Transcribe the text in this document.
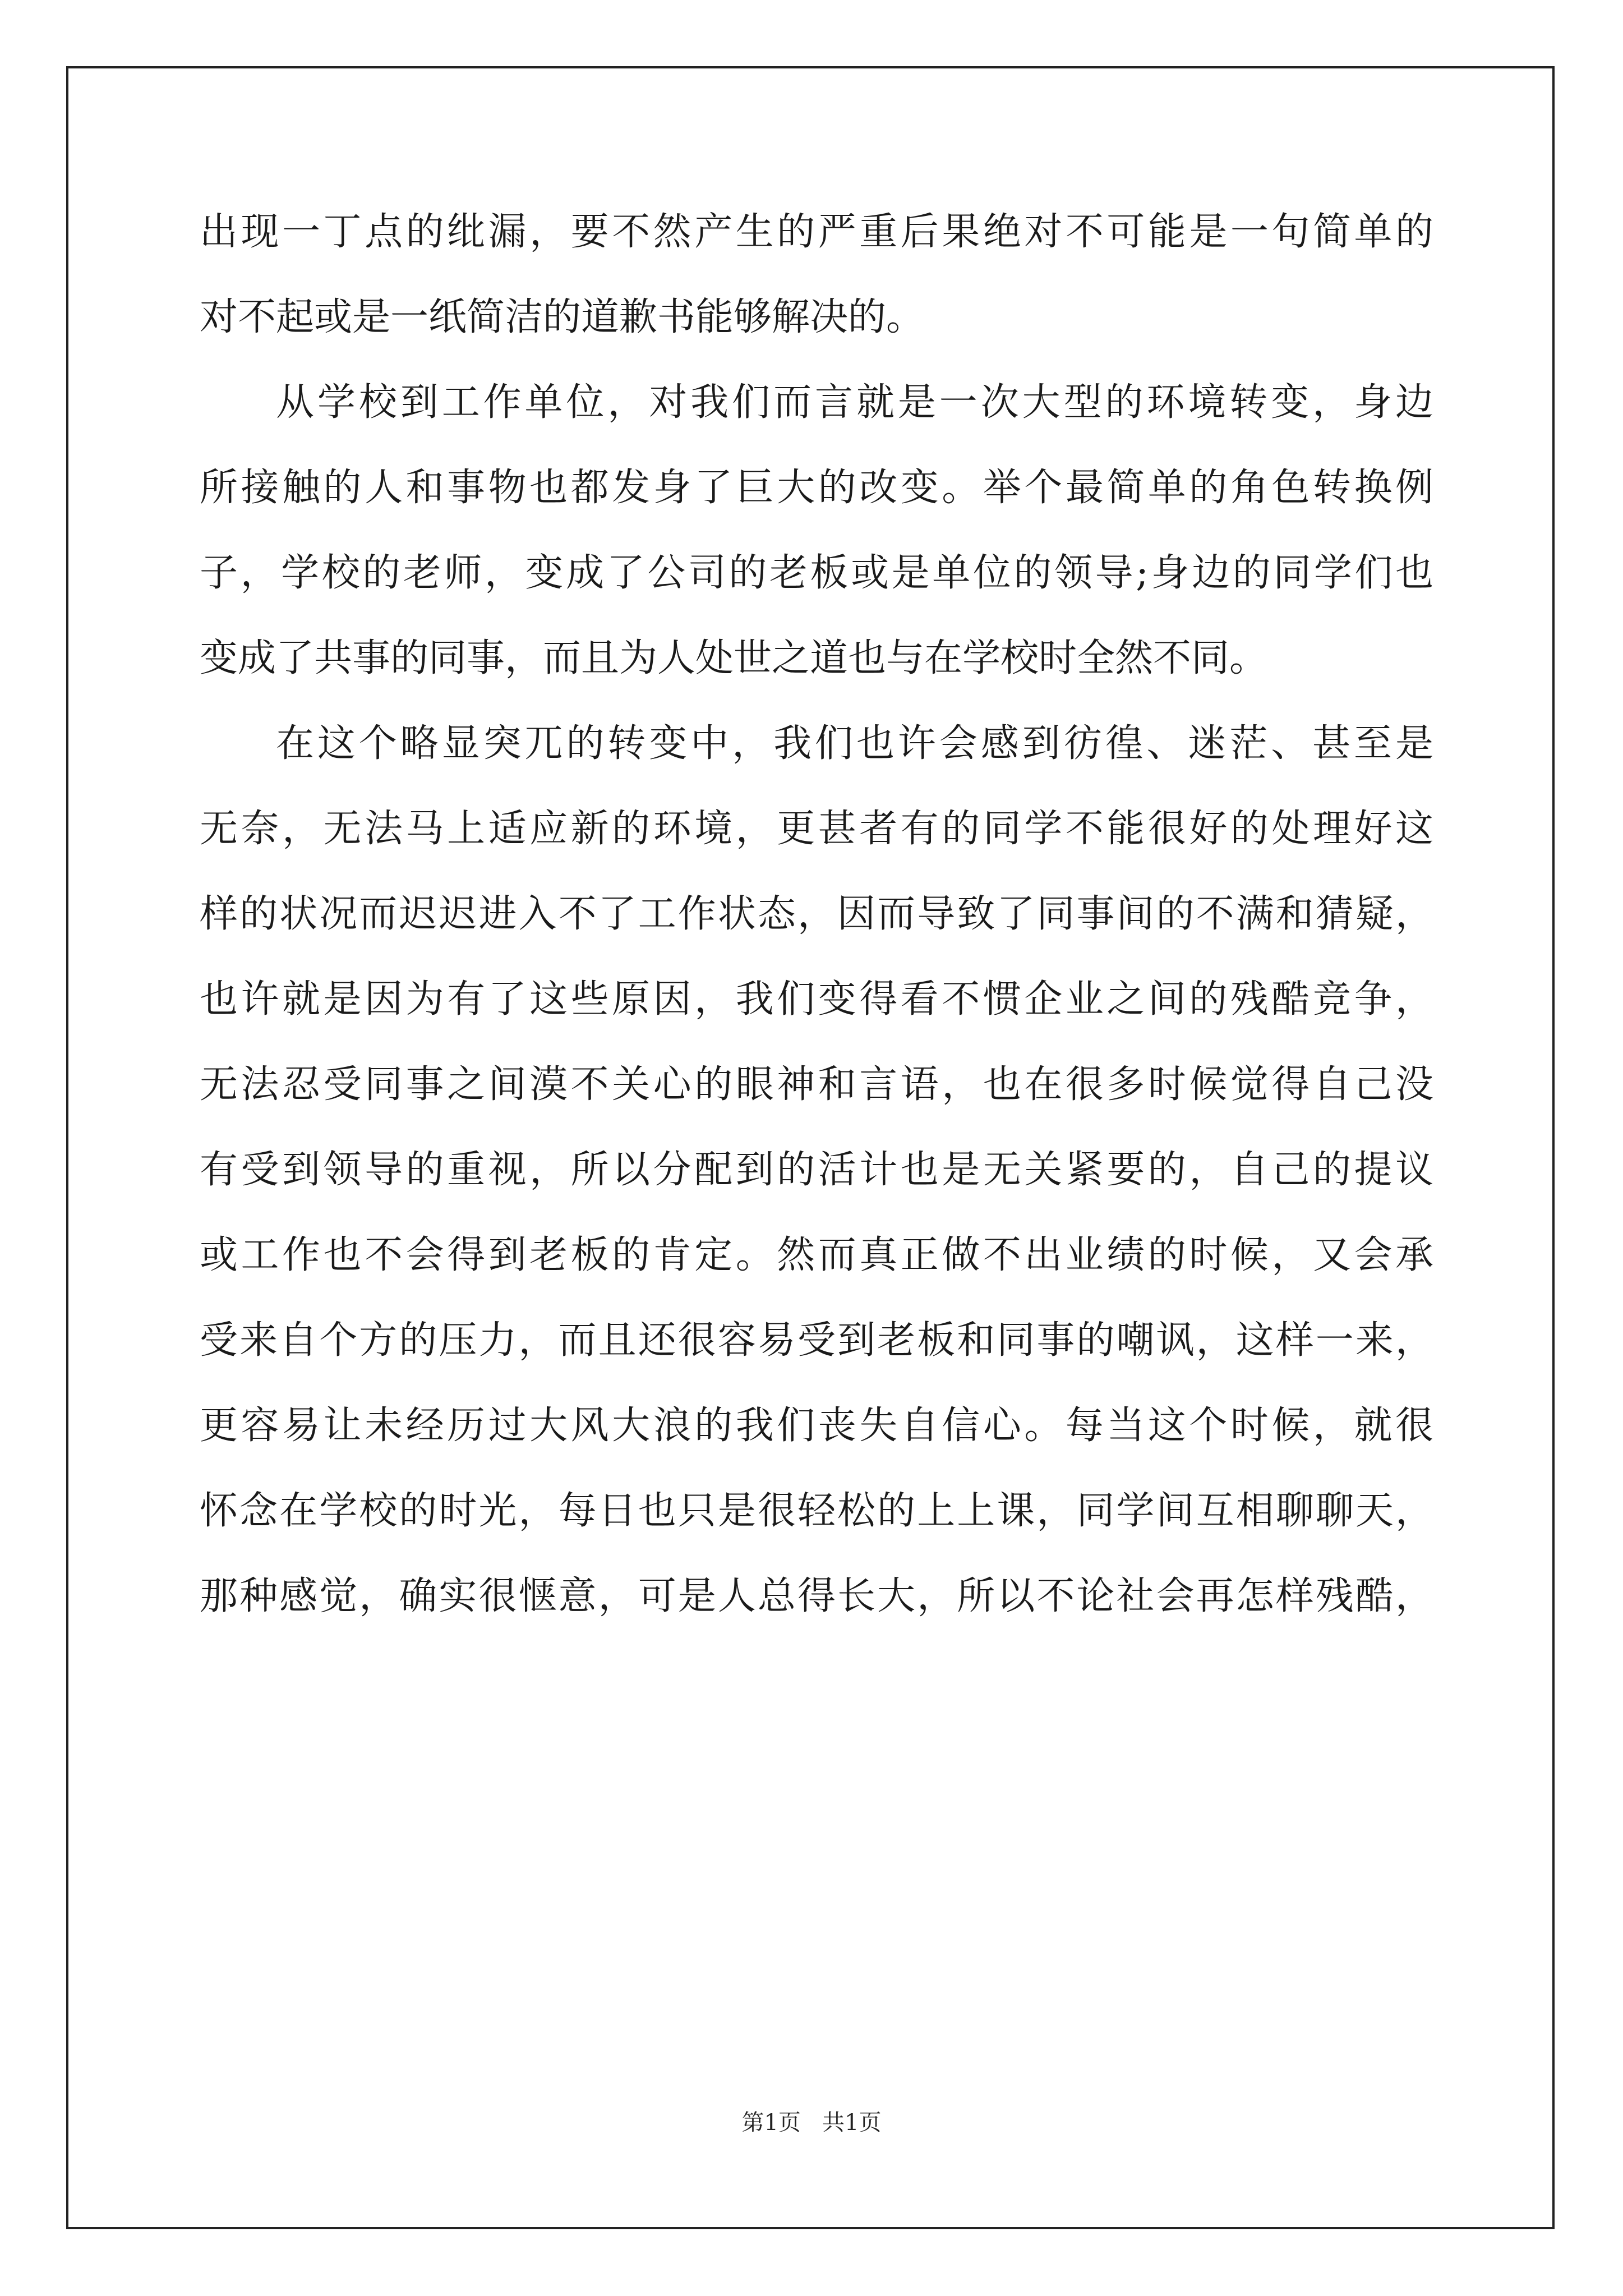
出现一丁点的纰漏，要不然产生的严重后果绝对不可能是一句简单的
对不起或是一纸简洁的道歉书能够解决的。
从学校到工作单位，对我们而言就是一次大型的环境转变，身边
所接触的人和事物也都发身了巨大的改变。举个最简单的角色转换例
子，学校的老师，变成了公司的老板或是单位的领导;身边的同学们也
变成了共事的同事，而且为人处世之道也与在学校时全然不同。
在这个略显突兀的转变中，我们也许会感到彷徨、迷茫、甚至是
无奈，无法马上适应新的环境，更甚者有的同学不能很好的处理好这
样的状况而迟迟进入不了工作状态，因而导致了同事间的不满和猜疑，
也许就是因为有了这些原因，我们变得看不惯企业之间的残酷竞争，
无法忍受同事之间漠不关心的眼神和言语，也在很多时候觉得自己没
有受到领导的重视，所以分配到的活计也是无关紧要的，自己的提议
或工作也不会得到老板的肯定。然而真正做不出业绩的时候，又会承
受来自个方的压力，而且还很容易受到老板和同事的嘲讽，这样一来，
更容易让未经历过大风大浪的我们丧失自信心。每当这个时候，就很
怀念在学校的时光，每日也只是很轻松的上上课，同学间互相聊聊天，
那种感觉，确实很惬意，可是人总得长大，所以不论社会再怎样残酷，
第1页   共1页
